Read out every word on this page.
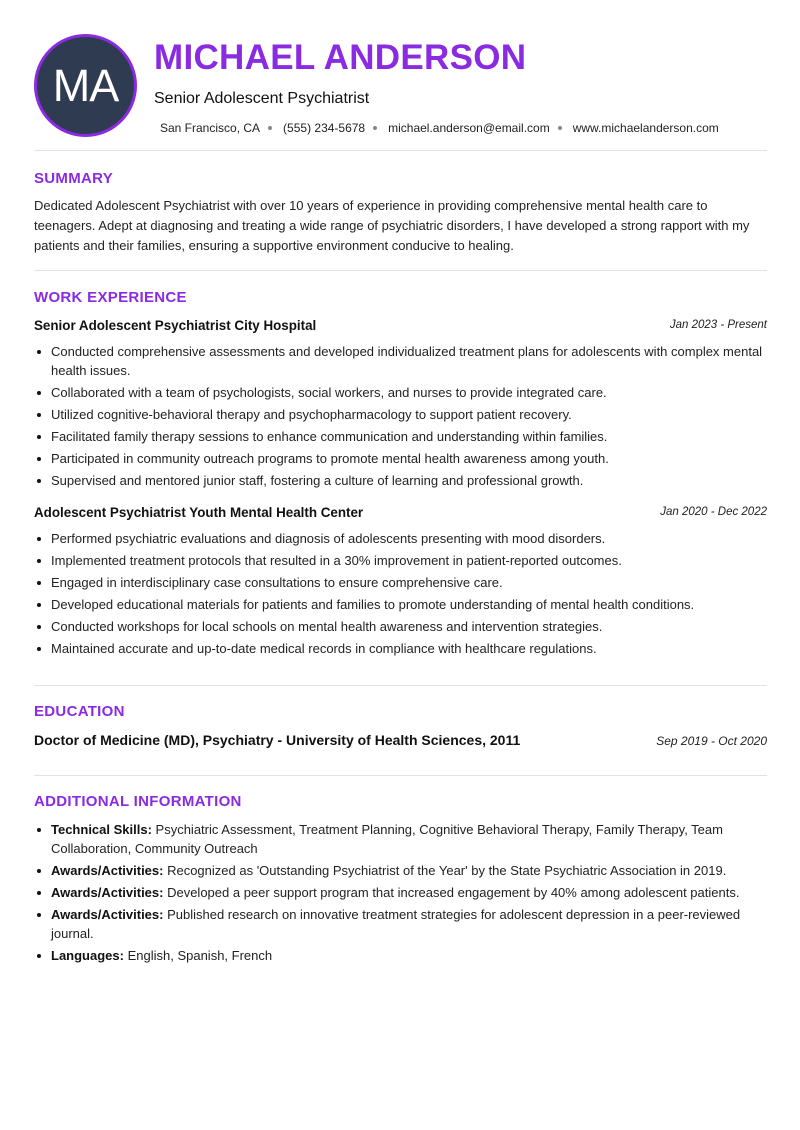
MA
MICHAEL ANDERSON
Senior Adolescent Psychiatrist
San Francisco, CA (555) 234-5678 michael.anderson@email.com www.michaelanderson.com
SUMMARY
Dedicated Adolescent Psychiatrist with over 10 years of experience in providing comprehensive mental health care to teenagers. Adept at diagnosing and treating a wide range of psychiatric disorders, I have developed a strong rapport with my patients and their families, ensuring a supportive environment conducive to healing.
WORK EXPERIENCE
Senior Adolescent Psychiatrist City Hospital	Jan 2023 - Present
Conducted comprehensive assessments and developed individualized treatment plans for adolescents with complex mental health issues.
Collaborated with a team of psychologists, social workers, and nurses to provide integrated care.
Utilized cognitive-behavioral therapy and psychopharmacology to support patient recovery.
Facilitated family therapy sessions to enhance communication and understanding within families.
Participated in community outreach programs to promote mental health awareness among youth.
Supervised and mentored junior staff, fostering a culture of learning and professional growth.
Adolescent Psychiatrist Youth Mental Health Center	Jan 2020 - Dec 2022
Performed psychiatric evaluations and diagnosis of adolescents presenting with mood disorders.
Implemented treatment protocols that resulted in a 30% improvement in patient-reported outcomes.
Engaged in interdisciplinary case consultations to ensure comprehensive care.
Developed educational materials for patients and families to promote understanding of mental health conditions.
Conducted workshops for local schools on mental health awareness and intervention strategies.
Maintained accurate and up-to-date medical records in compliance with healthcare regulations.
EDUCATION
Doctor of Medicine (MD), Psychiatry - University of Health Sciences, 2011	Sep 2019 - Oct 2020
ADDITIONAL INFORMATION
Technical Skills: Psychiatric Assessment, Treatment Planning, Cognitive Behavioral Therapy, Family Therapy, Team Collaboration, Community Outreach
Awards/Activities: Recognized as 'Outstanding Psychiatrist of the Year' by the State Psychiatric Association in 2019.
Awards/Activities: Developed a peer support program that increased engagement by 40% among adolescent patients.
Awards/Activities: Published research on innovative treatment strategies for adolescent depression in a peer-reviewed journal.
Languages: English, Spanish, French
